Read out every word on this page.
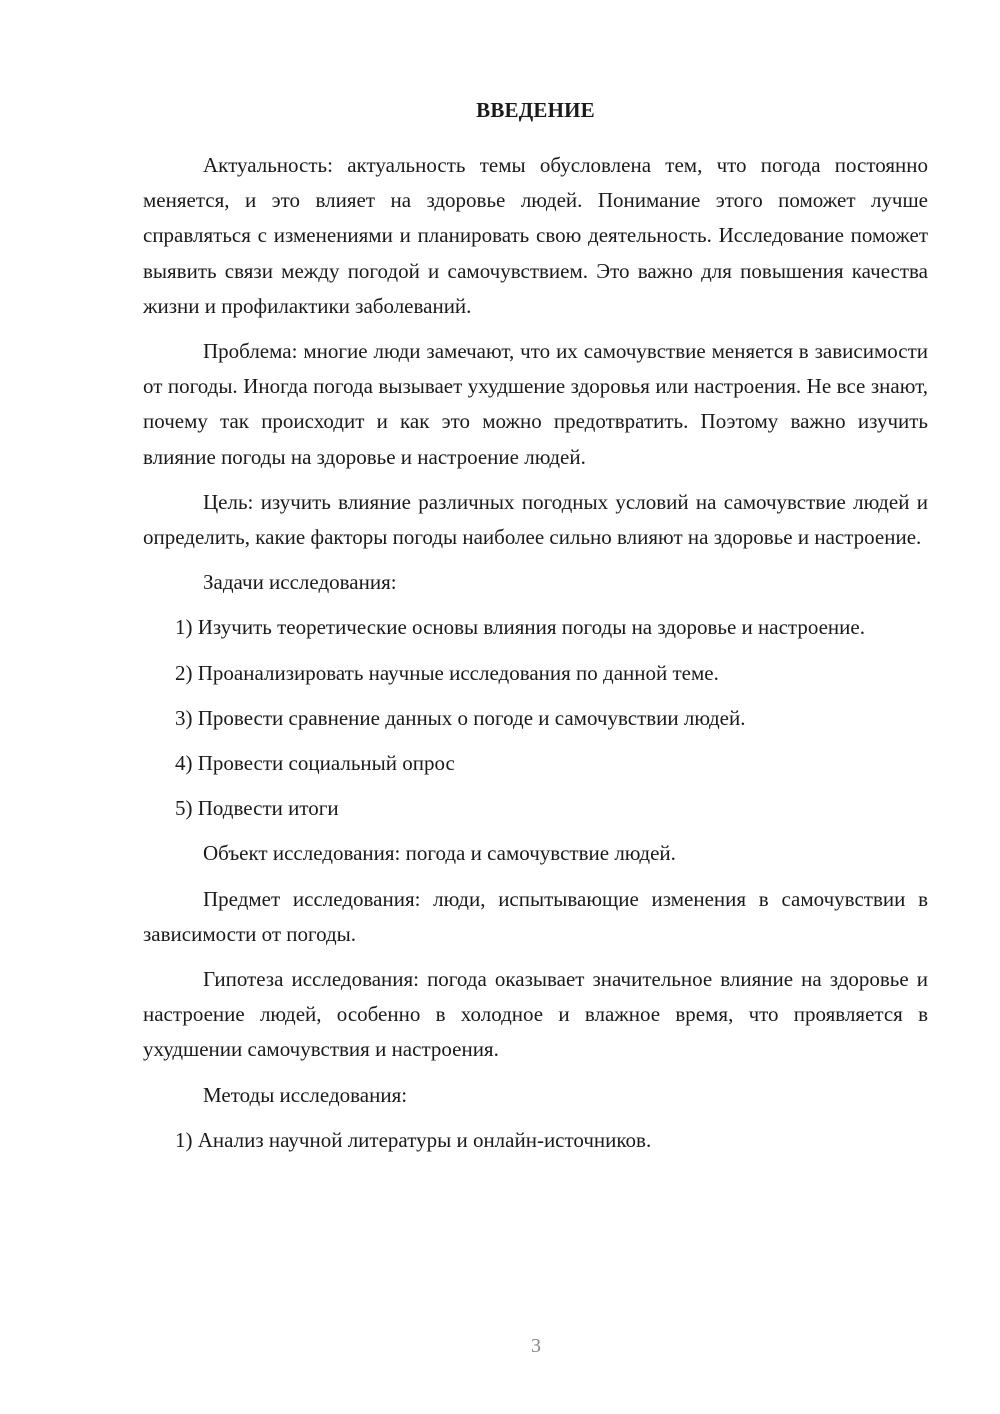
ВВЕДЕНИЕ

Актуальность: актуальность темы обусловлена тем, что погода постоянно меняется, и это влияет на здоровье людей. Понимание этого поможет лучше справляться с изменениями и планировать свою деятельность. Исследование поможет выявить связи между погодой и самочувствием. Это важно для повышения качества жизни и профилактики заболеваний.

Проблема: многие люди замечают, что их самочувствие меняется в зависимости от погоды. Иногда погода вызывает ухудшение здоровья или настроения. Не все знают, почему так происходит и как это можно предотвратить. Поэтому важно изучить влияние погоды на здоровье и настроение людей.

Цель: изучить влияние различных погодных условий на самочувствие людей и определить, какие факторы погоды наиболее сильно влияют на здоровье и настроение.

Задачи исследования:

1) Изучить теоретические основы влияния погоды на здоровье и настроение.

2) Проанализировать научные исследования по данной теме.

3) Провести сравнение данных о погоде и самочувствии людей.

4) Провести социальный опрос

5) Подвести итоги

Объект исследования: погода и самочувствие людей.

Предмет исследования: люди, испытывающие изменения в самочувствии в зависимости от погоды.

Гипотеза исследования: погода оказывает значительное влияние на здоровье и настроение людей, особенно в холодное и влажное время, что проявляется в ухудшении самочувствия и настроения.

Методы исследования:

1) Анализ научной литературы и онлайн-источников.

3
